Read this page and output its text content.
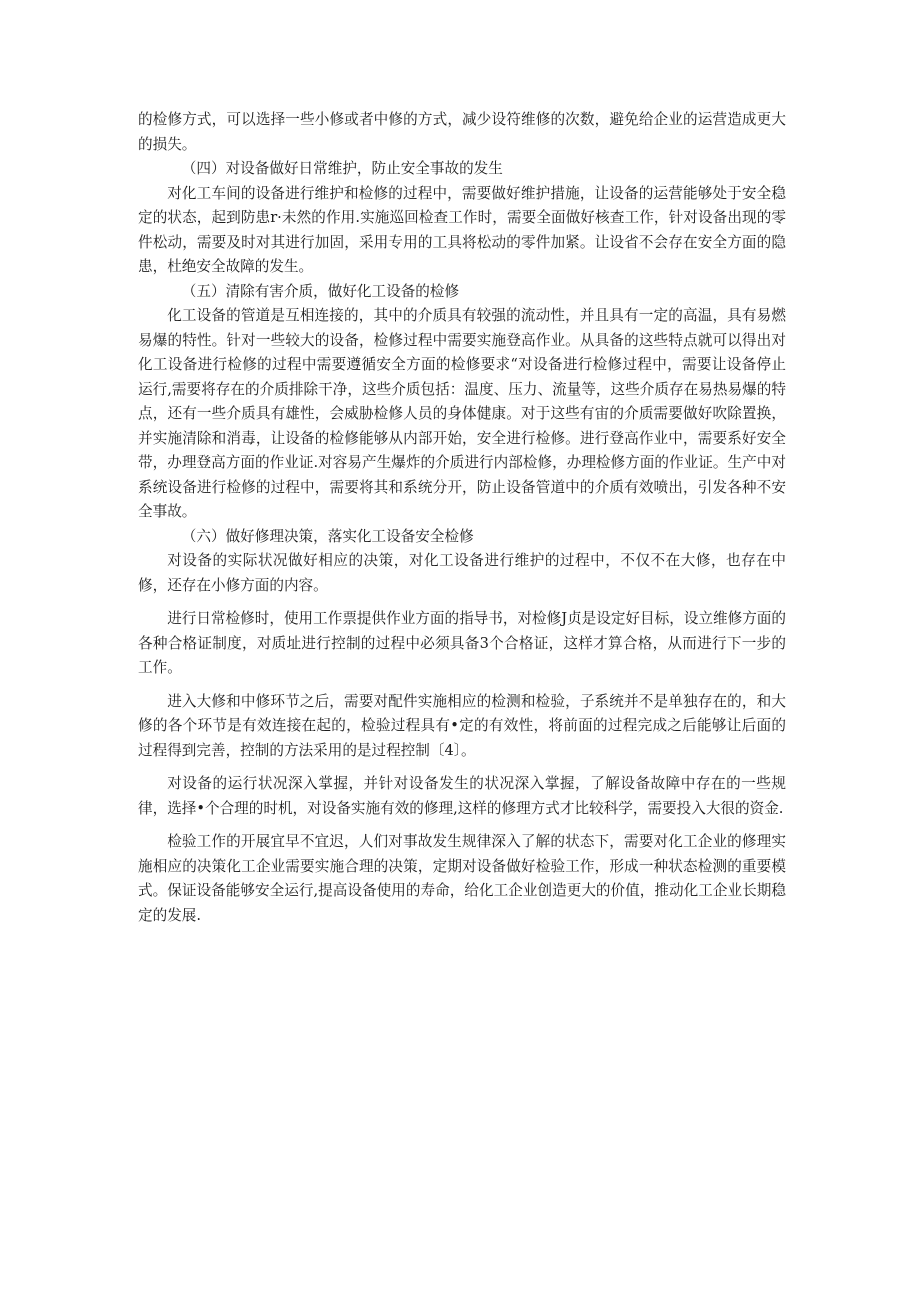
的检修方式，可以选择一些小修或者中修的方式，减少设符维修的次数，避免给企业的运营造成更大的损失。

（四）对设备做好日常维护，防止安全事故的发生

对化工车间的设备进行维护和检修的过程中，需要做好维护措施，让设备的运营能够处于安全稳定的状态，起到防患r·未然的作用.实施巡回检查工作时，需要全面做好核查工作，针对设备出现的零件松动，需要及时对其进行加固，采用专用的工具将松动的零件加紧。让设省不会存在安全方面的隐患，杜绝安全故障的发生。

（五）清除有害介质，做好化工设备的检修

化工设备的管道是互相连接的，其中的介质具有较强的流动性，并且具有一定的高温，具有易燃易爆的特性。针对一些较大的设备，检修过程中需要实施登高作业。从具备的这些特点就可以得出对化工设备进行检修的过程中需要遵循安全方面的检修要求“对设备进行检修过程中，需要让设备停止运行,需要将存在的介质排除干净，这些介质包括：温度、压力、流量等，这些介质存在易热易爆的特点，还有一些介质具有雄性，会威胁检修人员的身体健康。对于这些有宙的介质需要做好吹除置换，并实施清除和消毒，让设备的检修能够从内部开始，安全进行检修。进行登高作业中，需要系好安全带，办理登高方面的作业证.对容易产生爆炸的介质进行内部检修，办理检修方面的作业证。生产中对系统设备进行检修的过程中，需要将其和系统分开，防止设备管道中的介质有效喷出，引发各种不安全事故。

（六）做好修理决策，落实化工设备安全检修

对设备的实际状况做好相应的决策，对化工设备进行维护的过程中，不仅不在大修，也存在中修，还存在小修方面的内容。

进行日常检修时，使用工作票提供作业方面的指导书，对检修J贞是设定好目标，设立维修方面的各种合格证制度，对质址进行控制的过程中必须具备3个合格证，这样才算合格，从而进行下一步的工作。

进入大修和中修环节之后，需要对配件实施相应的检测和检验，子系统并不是单独存在的，和大修的各个环节是有效连接在起的，检验过程具有•定的有效性，将前面的过程完成之后能够让后面的过程得到完善，控制的方法采用的是过程控制〔4〕。

对设备的运行状况深入掌握，并针对设备发生的状况深入掌握，了解设备故障中存在的一些规律，选择•个合理的时机，对设备实施有效的修理,这样的修理方式才比较科学，需要投入大很的资金.

检验工作的开展宜早不宜迟，人们对事故发生规律深入了解的状态下，需要对化工企业的修理实施相应的决策化工企业需要实施合理的决策，定期对设备做好检验工作，形成一种状态检测的重要模式。保证设备能够安全运行,提高设备使用的寿命，给化工企业创造更大的价值，推动化工企业长期稳定的发展.
